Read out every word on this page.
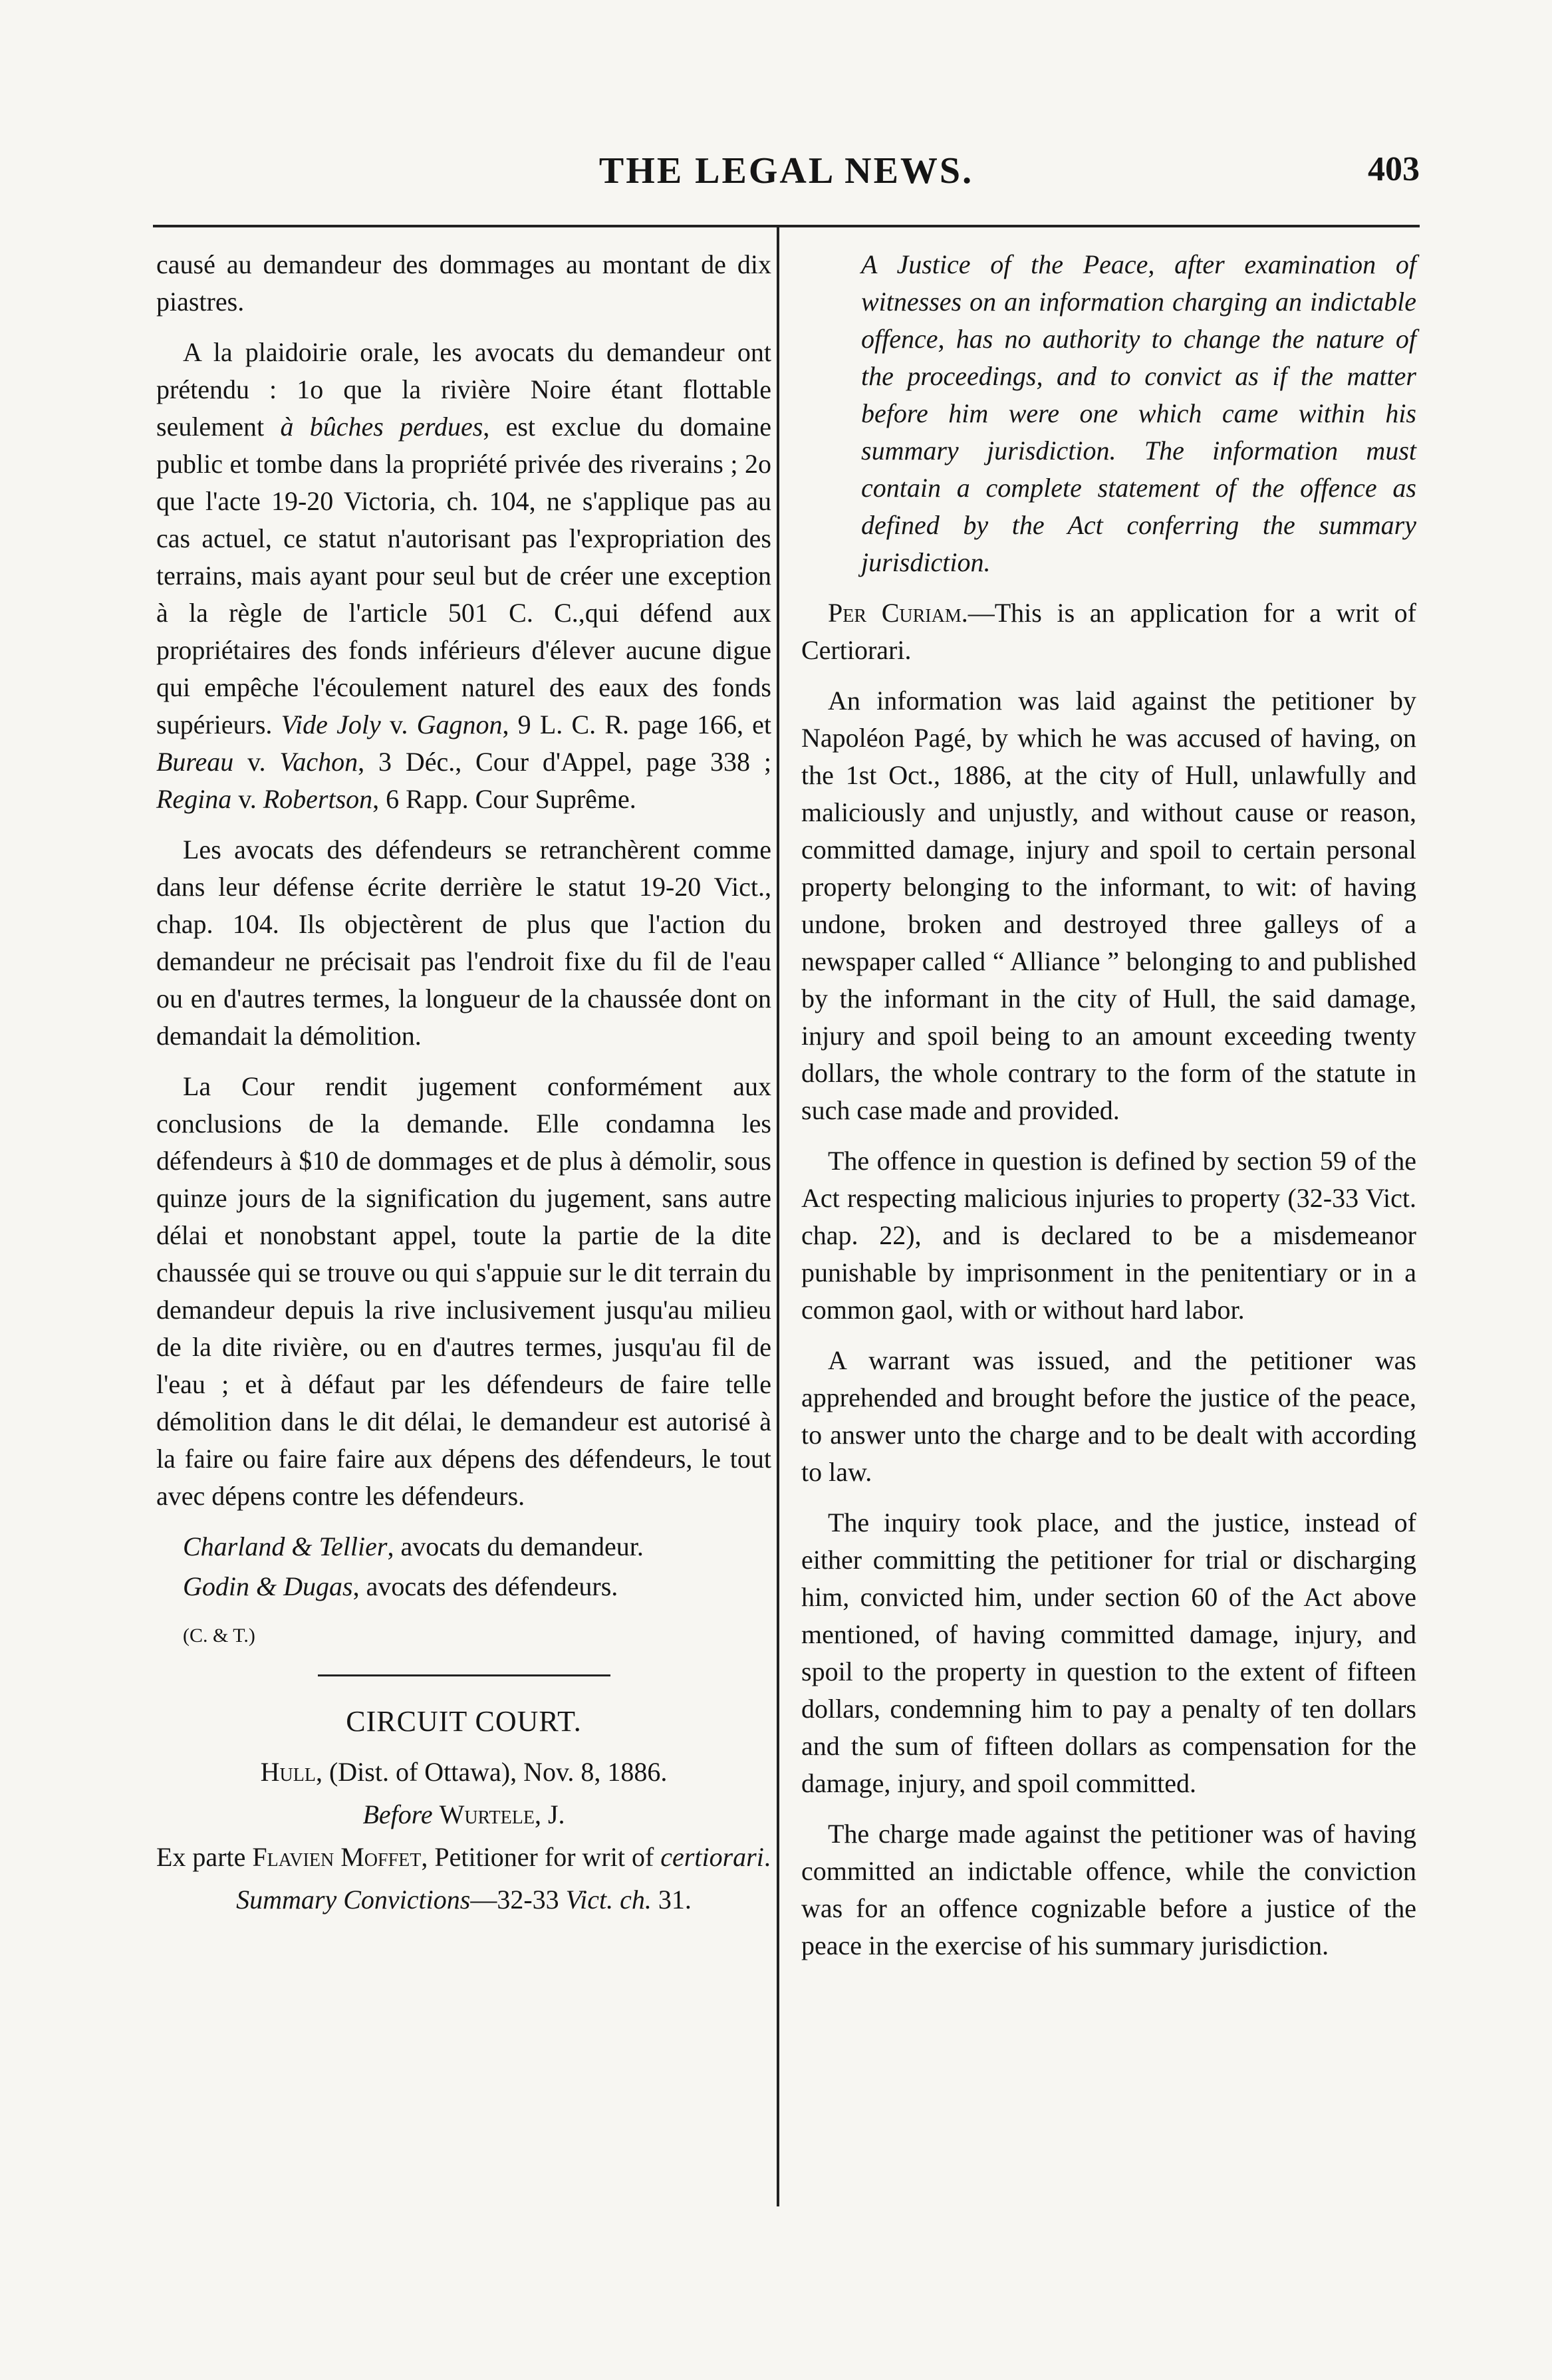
THE LEGAL NEWS.	403

causé au demandeur des dommages au montant de dix piastres.

A la plaidoirie orale, les avocats du demandeur ont prétendu : 1o que la rivière Noire étant flottable seulement à bûches perdues, est exclue du domaine public et tombe dans la propriété privée des riverains ; 2o que l'acte 19-20 Victoria, ch. 104, ne s'applique pas au cas actuel, ce statut n'autorisant pas l'expropriation des terrains, mais ayant pour seul but de créer une exception à la règle de l'article 501 C. C.,qui défend aux propriétaires des fonds inférieurs d'élever aucune digue qui empêche l'écoulement naturel des eaux des fonds supérieurs. Vide Joly v. Gagnon, 9 L. C. R. page 166, et Bureau v. Vachon, 3 Déc., Cour d'Appel, page 338 ; Regina v. Robertson, 6 Rapp. Cour Suprême.

Les avocats des défendeurs se retranchèrent comme dans leur défense écrite derrière le statut 19-20 Vict., chap. 104. Ils objectèrent de plus que l'action du demandeur ne précisait pas l'endroit fixe du fil de l'eau ou en d'autres termes, la longueur de la chaussée dont on demandait la démolition.

La Cour rendit jugement conformément aux conclusions de la demande. Elle condamna les défendeurs à $10 de dommages et de plus à démolir, sous quinze jours de la signification du jugement, sans autre délai et nonobstant appel, toute la partie de la dite chaussée qui se trouve ou qui s'appuie sur le dit terrain du demandeur depuis la rive inclusivement jusqu'au milieu de la dite rivière, ou en d'autres termes, jusqu'au fil de l'eau ; et à défaut par les défendeurs de faire telle démolition dans le dit délai, le demandeur est autorisé à la faire ou faire faire aux dépens des défendeurs, le tout avec dépens contre les défendeurs.

Charland & Tellier, avocats du demandeur.

Godin & Dugas, avocats des défendeurs.

(C. & T.)

CIRCUIT COURT.

Hull, (Dist. of Ottawa), Nov. 8, 1886.

Before Wurtele, J.

Ex parte Flavien Moffet, Petitioner for writ of certiorari.

Summary Convictions—32-33 Vict. ch. 31.

A Justice of the Peace, after examination of witnesses on an information charging an indictable offence, has no authority to change the nature of the proceedings, and to convict as if the matter before him were one which came within his summary jurisdiction. The information must contain a complete statement of the offence as defined by the Act conferring the summary jurisdiction.

Per Curiam.—This is an application for a writ of Certiorari.

An information was laid against the petitioner by Napoléon Pagé, by which he was accused of having, on the 1st Oct., 1886, at the city of Hull, unlawfully and maliciously and unjustly, and without cause or reason, committed damage, injury and spoil to certain personal property belonging to the informant, to wit: of having undone, broken and destroyed three galleys of a newspaper called “ Alliance ” belonging to and published by the informant in the city of Hull, the said damage, injury and spoil being to an amount exceeding twenty dollars, the whole contrary to the form of the statute in such case made and provided.

The offence in question is defined by section 59 of the Act respecting malicious injuries to property (32-33 Vict. chap. 22), and is declared to be a misdemeanor punishable by imprisonment in the penitentiary or in a common gaol, with or without hard labor.

A warrant was issued, and the petitioner was apprehended and brought before the justice of the peace, to answer unto the charge and to be dealt with according to law.

The inquiry took place, and the justice, instead of either committing the petitioner for trial or discharging him, convicted him, under section 60 of the Act above mentioned, of having committed damage, injury, and spoil to the property in question to the extent of fifteen dollars, condemning him to pay a penalty of ten dollars and the sum of fifteen dollars as compensation for the damage, injury, and spoil committed.

The charge made against the petitioner was of having committed an indictable offence, while the conviction was for an offence cognizable before a justice of the peace in the exercise of his summary jurisdiction.
